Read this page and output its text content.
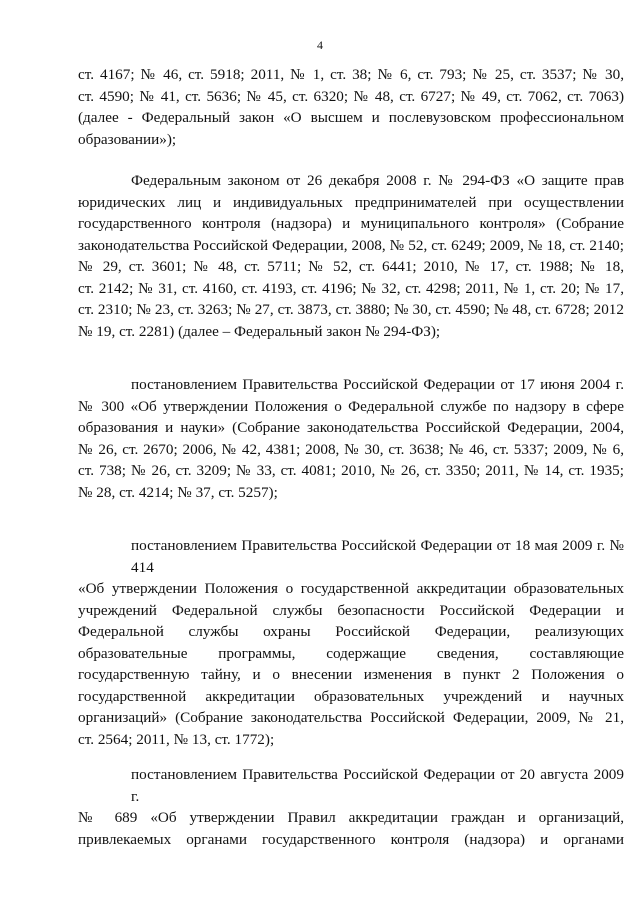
4
ст. 4167; № 46, ст. 5918; 2011, № 1, ст. 38; № 6, ст. 793; № 25, ст. 3537; № 30,
ст. 4590; № 41, ст. 5636; № 45, ст. 6320; № 48, ст. 6727; № 49, ст. 7062, ст. 7063)
(далее - Федеральный закон «О высшем и послевузовском профессиональном
образовании»);
Федеральным законом от 26 декабря 2008 г. № 294-ФЗ «О защите прав
юридических лиц и индивидуальных предпринимателей при осуществлении
государственного контроля (надзора) и муниципального контроля» (Собрание
законодательства Российской Федерации, 2008, № 52, ст. 6249; 2009, № 18, ст. 2140;
№ 29, ст. 3601; № 48, ст. 5711; № 52, ст. 6441; 2010, № 17, ст. 1988; № 18,
ст. 2142; № 31, ст. 4160, ст. 4193, ст. 4196; № 32, ст. 4298; 2011, № 1, ст. 20; № 17,
ст. 2310; № 23, ст. 3263; № 27, ст. 3873, ст. 3880; № 30, ст. 4590; № 48, ст. 6728; 2012
№ 19, ст. 2281) (далее – Федеральный закон № 294-ФЗ);
постановлением Правительства Российской Федерации от 17 июня 2004 г.
№ 300 «Об утверждении Положения о Федеральной службе по надзору в сфере
образования и науки» (Собрание законодательства Российской Федерации, 2004,
№ 26, ст. 2670; 2006, № 42, 4381; 2008, № 30, ст. 3638; № 46, ст. 5337; 2009, № 6,
ст. 738; № 26, ст. 3209; № 33, ст. 4081; 2010, № 26, ст. 3350; 2011, № 14, ст. 1935;
№ 28, ст. 4214; № 37, ст. 5257);
постановлением Правительства Российской Федерации от 18 мая 2009 г. № 414
«Об утверждении Положения о государственной аккредитации образовательных
учреждений Федеральной службы безопасности Российской Федерации и
Федеральной службы охраны Российской Федерации, реализующих
образовательные программы, содержащие сведения, составляющие
государственную тайну, и о внесении изменения в пункт 2 Положения о
государственной аккредитации образовательных учреждений и научных
организаций» (Собрание законодательства Российской Федерации, 2009, № 21,
ст. 2564; 2011, № 13, ст. 1772);
постановлением Правительства Российской Федерации от 20 августа 2009 г.
№ 689 «Об утверждении Правил аккредитации граждан и организаций,
привлекаемых органами государственного контроля (надзора) и органами
